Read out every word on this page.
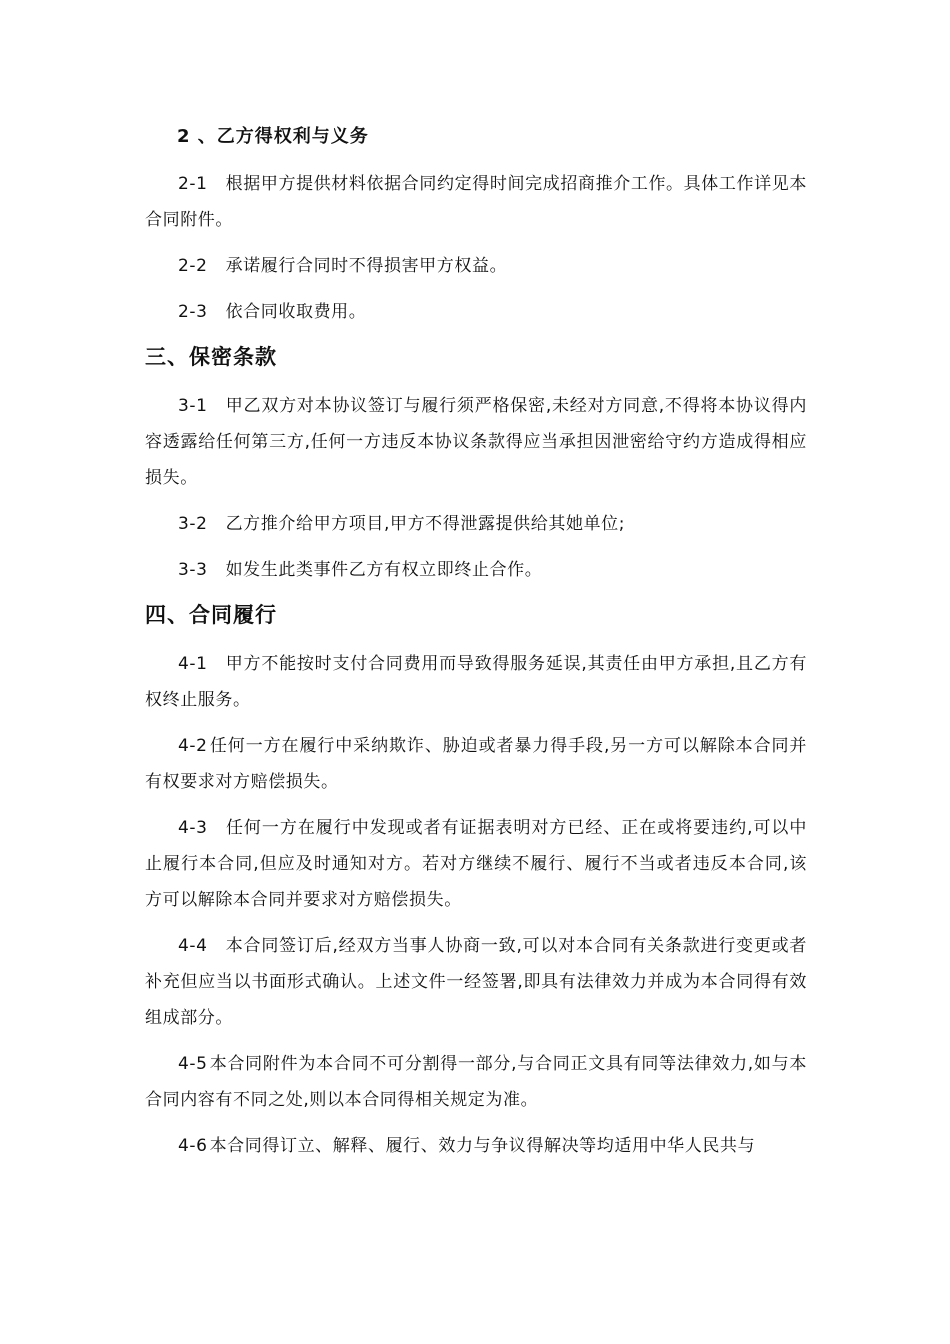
2 、乙方得权利与义务

2-1 根据甲方提供材料依据合同约定得时间完成招商推介工作。具体工作详见本合同附件。

2-2 承诺履行合同时不得损害甲方权益。

2-3 依合同收取费用。

三、保密条款

3-1 甲乙双方对本协议签订与履行须严格保密,未经对方同意,不得将本协议得内容透露给任何第三方,任何一方违反本协议条款得应当承担因泄密给守约方造成得相应损失。

3-2 乙方推介给甲方项目,甲方不得泄露提供给其她单位;

3-3 如发生此类事件乙方有权立即终止合作。

四、合同履行

4-1 甲方不能按时支付合同费用而导致得服务延误,其责任由甲方承担,且乙方有权终止服务。

4-2 任何一方在履行中采纳欺诈、胁迫或者暴力得手段,另一方可以解除本合同并有权要求对方赔偿损失。

4-3 任何一方在履行中发现或者有证据表明对方已经、正在或将要违约,可以中止履行本合同,但应及时通知对方。若对方继续不履行、履行不当或者违反本合同,该方可以解除本合同并要求对方赔偿损失。

4-4 本合同签订后,经双方当事人协商一致,可以对本合同有关条款进行变更或者补充但应当以书面形式确认。上述文件一经签署,即具有法律效力并成为本合同得有效组成部分。

4-5 本合同附件为本合同不可分割得一部分,与合同正文具有同等法律效力,如与本合同内容有不同之处,则以本合同得相关规定为准。

4-6 本合同得订立、解释、履行、效力与争议得解决等均适用中华人民共与
